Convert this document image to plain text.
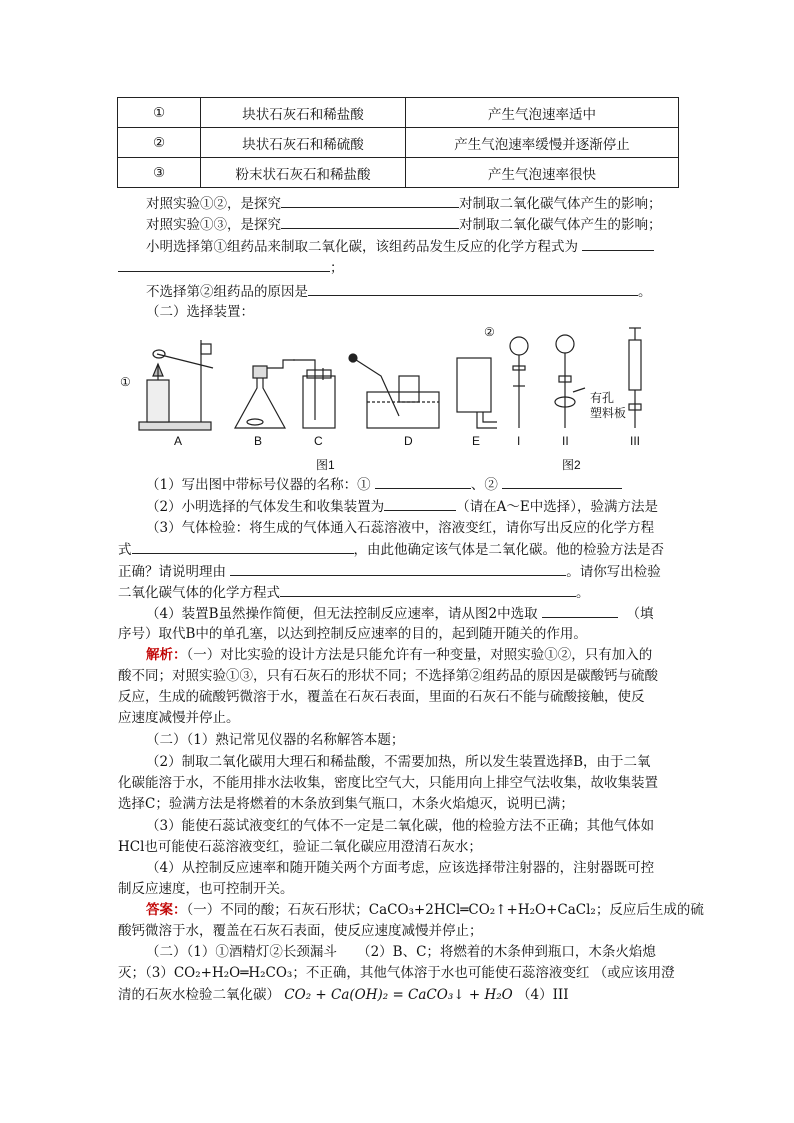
①	块状石灰石和稀盐酸	产生气泡速率适中
②	块状石灰石和稀硫酸	产生气泡速率缓慢并逐渐停止
③	粉末状石灰石和稀盐酸	产生气泡速率很快
对照实验①②，是探究	对制取二氧化碳气体产生的影响；
对照实验①③，是探究	对制取二氧化碳气体产生的影响；
小明选择第①组药品来制取二氧化碳，该组药品发生反应的化学方程式为
；
不选择第②组药品的原因是	。
（二）选择装置：
①
②
有孔
塑料板
A	B	C	D	E	I	II	III
图1	图2
（1）写出图中带标号仪器的名称：①	、②
（2）小明选择的气体发生和收集装置为	（请在A～E中选择），验满方法是
（3）气体检验：将生成的气体通入石蕊溶液中，溶液变红，请你写出反应的化学方程
式	，由此他确定该气体是二氧化碳。他的检验方法是否
正确？请说明理由	。请你写出检验
二氧化碳气体的化学方程式	。
（4）装置B虽然操作简便，但无法控制反应速率，请从图2中选取	（填
序号）取代B中的单孔塞，以达到控制反应速率的目的，起到随开随关的作用。
解析：（一）对比实验的设计方法是只能允许有一种变量，对照实验①②，只有加入的
酸不同；对照实验①③，只有石灰石的形状不同；不选择第②组药品的原因是碳酸钙与硫酸
反应，生成的硫酸钙微溶于水，覆盖在石灰石表面，里面的石灰石不能与硫酸接触，使反
应速度减慢并停止。
（二）（1）熟记常见仪器的名称解答本题；
（2）制取二氧化碳用大理石和稀盐酸，不需要加热，所以发生装置选择B，由于二氧
化碳能溶于水，不能用排水法收集，密度比空气大，只能用向上排空气法收集，故收集装置
选择C；验满方法是将燃着的木条放到集气瓶口，木条火焰熄灭，说明已满；
（3）能使石蕊试液变红的气体不一定是二氧化碳，他的检验方法不正确；其他气体如
HCl也可能使石蕊溶液变红，验证二氧化碳应用澄清石灰水；
（4）从控制反应速率和随开随关两个方面考虑，应该选择带注射器的，注射器既可控
制反应速度，也可控制开关。
答案：（一）不同的酸；石灰石形状；CaCO₃+2HCl═CO₂↑+H₂O+CaCl₂；反应后生成的硫
酸钙微溶于水，覆盖在石灰石表面，使反应速度减慢并停止；
（二）（1）①酒精灯②长颈漏斗　　（2）B、C；将燃着的木条伸到瓶口，木条火焰熄
灭；（3）CO₂+H₂O═H₂CO₃；不正确，其他气体溶于水也可能使石蕊溶液变红 （或应该用澄
清的石灰水检验二氧化碳） CO₂ + Ca(OH)₂ = CaCO₃↓ + H₂O （4）III
